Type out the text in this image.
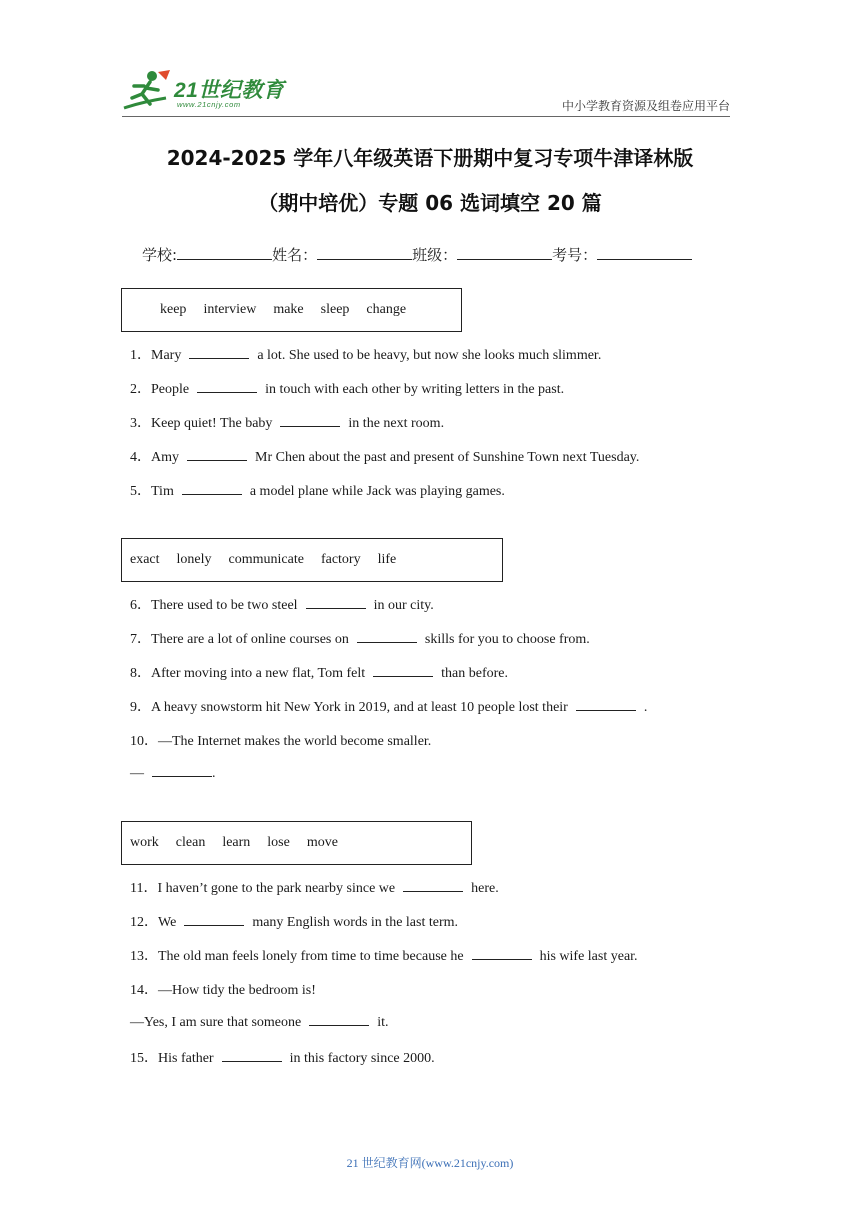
21世纪教育
www.21cnjy.com	中小学教育资源及组卷应用平台
2024-2025 学年八年级英语下册期中复习专项牛津译林版
（期中培优）专题 06 选词填空 20 篇
学校:	姓名：	班级：	考号：
keep interview make sleep change
1．Mary	a lot. She used to be heavy, but now she looks much slimmer.
2．People	in touch with each other by writing letters in the past.
3．Keep quiet! The baby	in the next room.
4．Amy	Mr Chen about the past and present of Sunshine Town next Tuesday.
5．Tim	a model plane while Jack was playing games.
exact lonely communicate factory life
6．There used to be two steel	in our city.
7．There are a lot of online courses on	skills for you to choose from.
8．After moving into a new flat, Tom felt	than before.
9．A heavy snowstorm hit New York in 2019, and at least 10 people lost their	.
10．—The Internet makes the world become smaller.
—	.
work clean learn lose move
11．I haven’t gone to the park nearby since we	here.
12．We	many English words in the last term.
13．The old man feels lonely from time to time because he	his wife last year.
14．—How tidy the bedroom is!
—Yes, I am sure that someone	it.
15．His father	in this factory since 2000.
21 世纪教育网(www.21cnjy.com)
